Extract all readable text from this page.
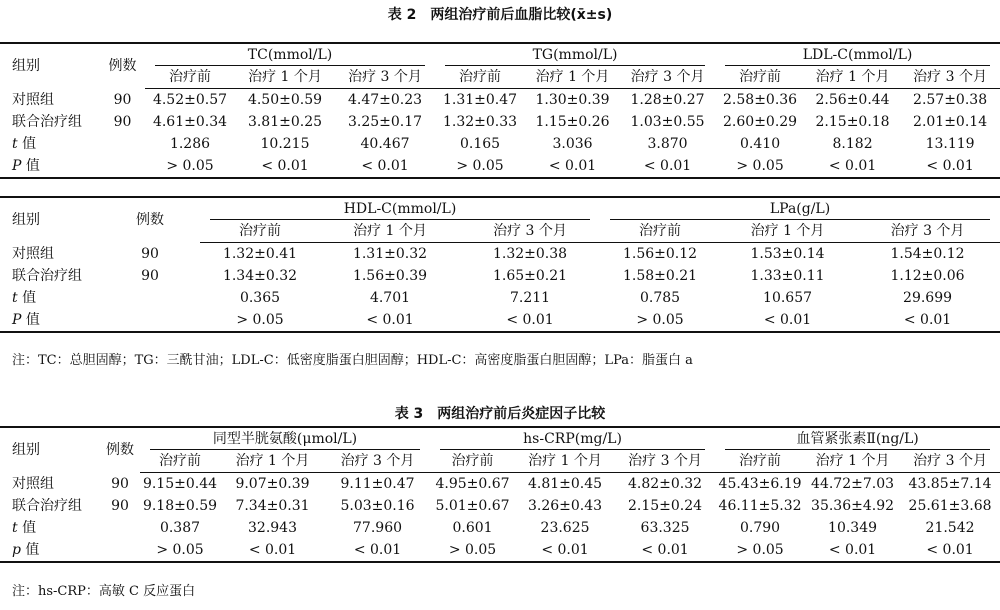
表 2　两组治疗前后血脂比较(x̄±s)
组别	例数	TC(mmol/L)			TG(mmol/L)			LDL-C(mmol/L)		
		治疗前	治疗 1 个月	治疗 3 个月	治疗前	治疗 1 个月	治疗 3 个月	治疗前	治疗 1 个月	治疗 3 个月
对照组	90	4.52±0.57	4.50±0.59	4.47±0.23	1.31±0.47	1.30±0.39	1.28±0.27	2.58±0.36	2.56±0.44	2.57±0.38
联合治疗组	90	4.61±0.34	3.81±0.25	3.25±0.17	1.32±0.33	1.15±0.26	1.03±0.55	2.60±0.29	2.15±0.18	2.01±0.14
t 值		1.286	10.215	40.467	0.165	3.036	3.870	0.410	8.182	13.119
P 值		> 0.05	< 0.01	< 0.01	> 0.05	< 0.01	< 0.01	> 0.05	< 0.01	< 0.01
组别	例数	HDL-C(mmol/L)			LPa(g/L)		
		治疗前	治疗 1 个月	治疗 3 个月	治疗前	治疗 1 个月	治疗 3 个月
对照组	90	1.32±0.41	1.31±0.32	1.32±0.38	1.56±0.12	1.53±0.14	1.54±0.12
联合治疗组	90	1.34±0.32	1.56±0.39	1.65±0.21	1.58±0.21	1.33±0.11	1.12±0.06
t 值		0.365	4.701	7.211	0.785	10.657	29.699
P 值		> 0.05	< 0.01	< 0.01	> 0.05	< 0.01	< 0.01
注：TC：总胆固醇；TG：三酰甘油；LDL-C：低密度脂蛋白胆固醇；HDL-C：高密度脂蛋白胆固醇；LPa：脂蛋白 a
表 3　两组治疗前后炎症因子比较
组别	例数	同型半胱氨酸(μmol/L)			hs-CRP(mg/L)			血管紧张素Ⅱ(ng/L)		
		治疗前	治疗 1 个月	治疗 3 个月	治疗前	治疗 1 个月	治疗 3 个月	治疗前	治疗 1 个月	治疗 3 个月
对照组	90	9.15±0.44	9.07±0.39	9.11±0.47	4.95±0.67	4.81±0.45	4.82±0.32	45.43±6.19	44.72±7.03	43.85±7.14
联合治疗组	90	9.18±0.59	7.34±0.31	5.03±0.16	5.01±0.67	3.26±0.43	2.15±0.24	46.11±5.32	35.36±4.92	25.61±3.68
t 值		0.387	32.943	77.960	0.601	23.625	63.325	0.790	10.349	21.542
p 值		> 0.05	< 0.01	< 0.01	> 0.05	< 0.01	< 0.01	> 0.05	< 0.01	< 0.01
注：hs-CRP：高敏 C 反应蛋白
